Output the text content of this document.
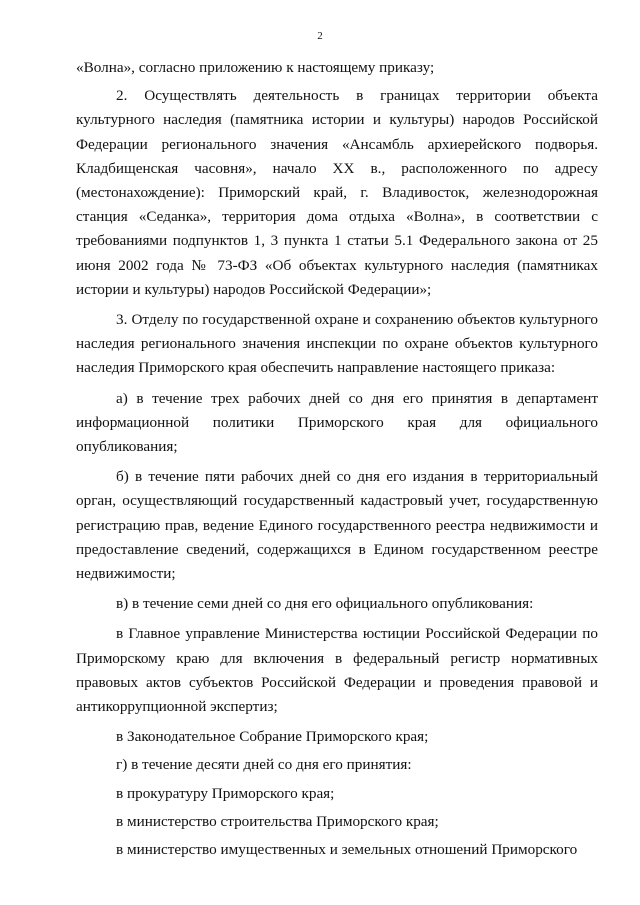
2

«Волна», согласно приложению к настоящему приказу;

2. Осуществлять деятельность в границах территории объекта культурного наследия (памятника истории и культуры) народов Российской Федерации регионального значения «Ансамбль архиерейского подворья. Кладбищенская часовня», начало XX в., расположенного по адресу (местонахождение): Приморский край, г. Владивосток, железнодорожная станция «Седанка», территория дома отдыха «Волна», в соответствии с требованиями подпунктов 1, 3 пункта 1 статьи 5.1 Федерального закона от 25 июня 2002 года № 73-ФЗ «Об объектах культурного наследия (памятниках истории и культуры) народов Российской Федерации»;

3. Отделу по государственной охране и сохранению объектов культурного наследия регионального значения инспекции по охране объектов культурного наследия Приморского края обеспечить направление настоящего приказа:

а) в течение трех рабочих дней со дня его принятия в департамент информационной политики Приморского края для официального опубликования;

б) в течение пяти рабочих дней со дня его издания в территориальный орган, осуществляющий государственный кадастровый учет, государственную регистрацию прав, ведение Единого государственного реестра недвижимости и предоставление сведений, содержащихся в Едином государственном реестре недвижимости;

в) в течение семи дней со дня его официального опубликования:

в Главное управление Министерства юстиции Российской Федерации по Приморскому краю для включения в федеральный регистр нормативных правовых актов субъектов Российской Федерации и проведения правовой и антикоррупционной экспертиз;

в Законодательное Собрание Приморского края;

г) в течение десяти дней со дня его принятия:

в прокуратуру Приморского края;

в министерство строительства Приморского края;

в министерство имущественных и земельных отношений Приморского
